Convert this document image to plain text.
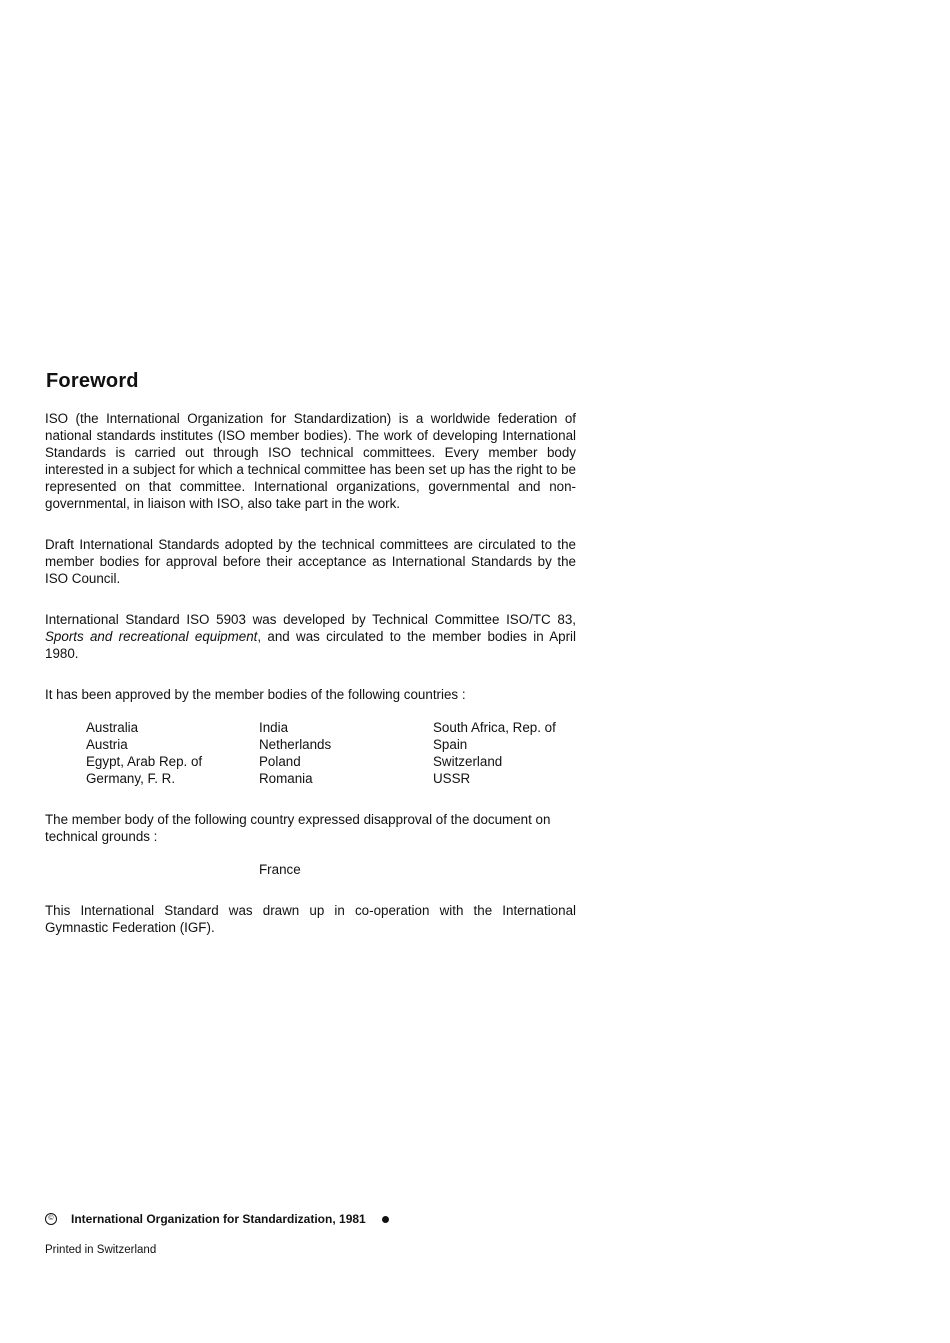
Foreword

ISO (the International Organization for Standardization) is a worldwide federation of national standards institutes (ISO member bodies). The work of developing International Standards is carried out through ISO technical committees. Every member body interested in a subject for which a technical committee has been set up has the right to be represented on that committee. International organizations, governmental and non-governmental, in liaison with ISO, also take part in the work.

Draft International Standards adopted by the technical committees are circulated to the member bodies for approval before their acceptance as International Standards by the ISO Council.

International Standard ISO 5903 was developed by Technical Committee ISO/TC 83, Sports and recreational equipment, and was circulated to the member bodies in April 1980.

It has been approved by the member bodies of the following countries :

Australia
Austria
Egypt, Arab Rep. of
Germany, F. R.
India
Netherlands
Poland
Romania
South Africa, Rep. of
Spain
Switzerland
USSR

The member body of the following country expressed disapproval of the document on technical grounds :

France

This International Standard was drawn up in co-operation with the International Gymnastic Federation (IGF).

© International Organization for Standardization, 1981
Printed in Switzerland
